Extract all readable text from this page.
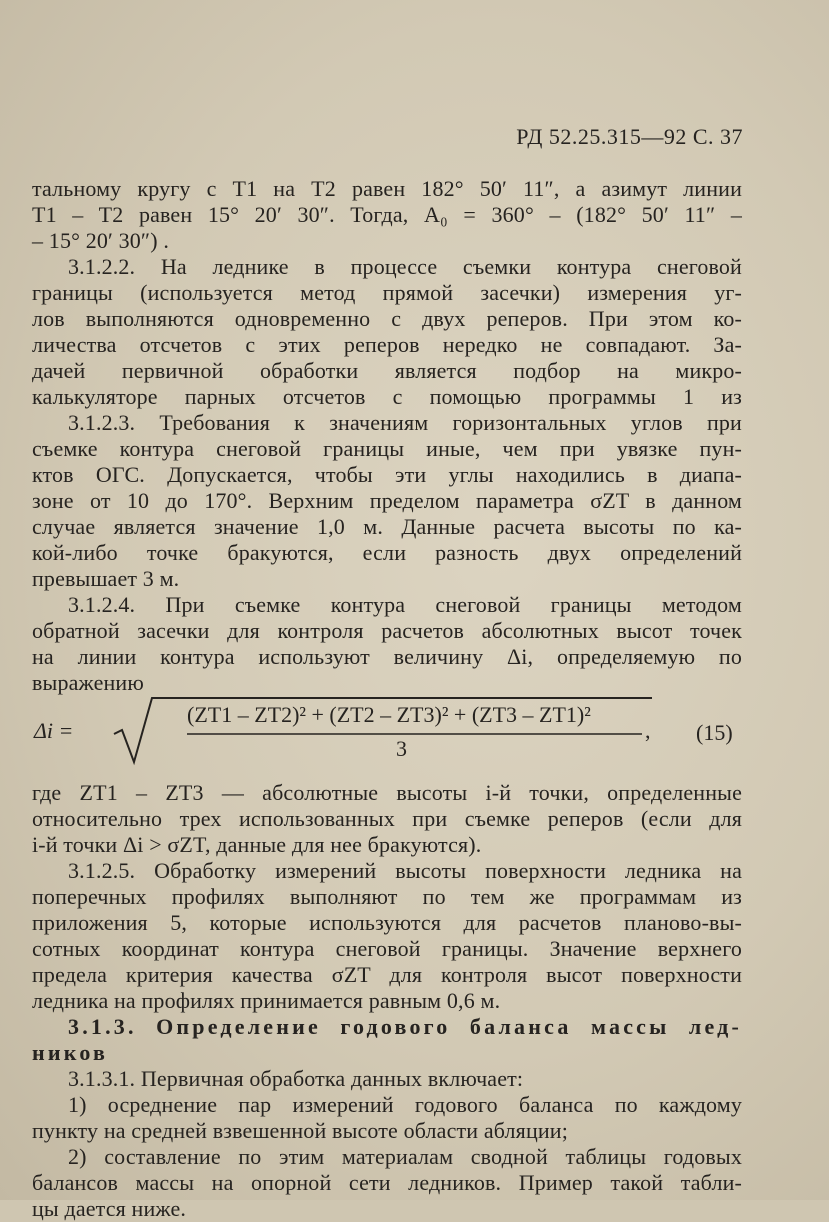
РД 52.25.315—92 С. 37
тальному кругу с T1 на T2 равен 182° 50′ 11″, а азимут линии
T1 – T2 равен 15° 20′ 30″. Тогда, A₀ = 360° – (182° 50′ 11″ –
– 15° 20′ 30″) .
3.1.2.2. На леднике в процессе съемки контура снеговой
границы (используется метод прямой засечки) измерения уг-
лов выполняются одновременно с двух реперов. При этом ко-
личества отсчетов с этих реперов нередко не совпадают. За-
дачей первичной обработки является подбор на микро-
калькуляторе парных отсчетов с помощью программы 1 из
3.1.2.3. Требования к значениям горизонтальных углов при
съемке контура снеговой границы иные, чем при увязке пун-
ктов ОГС. Допускается, чтобы эти углы находились в диапа-
зоне от 10 до 170°. Верхним пределом параметра σZT в данном
случае является значение 1,0 м. Данные расчета высоты по ка-
кой-либо точке бракуются, если разность двух определений
превышает 3 м.
3.1.2.4. При съемке контура снеговой границы методом
обратной засечки для контроля расчетов абсолютных высот точек
на линии контура используют величину Δi, определяемую по
выражению
Δi =
(ZT1 – ZT2)² + (ZT2 – ZT3)² + (ZT3 – ZT1)²
3
, (15)
где ZT1 – ZT3 — абсолютные высоты i-й точки, определенные
относительно трех использованных при съемке реперов (если для
i-й точки Δi > σZT, данные для нее бракуются).
3.1.2.5. Обработку измерений высоты поверхности ледника на
поперечных профилях выполняют по тем же программам из
приложения 5, которые используются для расчетов планово-вы-
сотных координат контура снеговой границы. Значение верхнего
предела критерия качества σZT для контроля высот поверхности
ледника на профилях принимается равным 0,6 м.
3.1.3. Определение годового баланса массы лед-
ников
3.1.3.1. Первичная обработка данных включает:
1) осреднение пар измерений годового баланса по каждому
пункту на средней взвешенной высоте области абляции;
2) составление по этим материалам сводной таблицы годовых
балансов массы на опорной сети ледников. Пример такой табли-
цы дается ниже.
